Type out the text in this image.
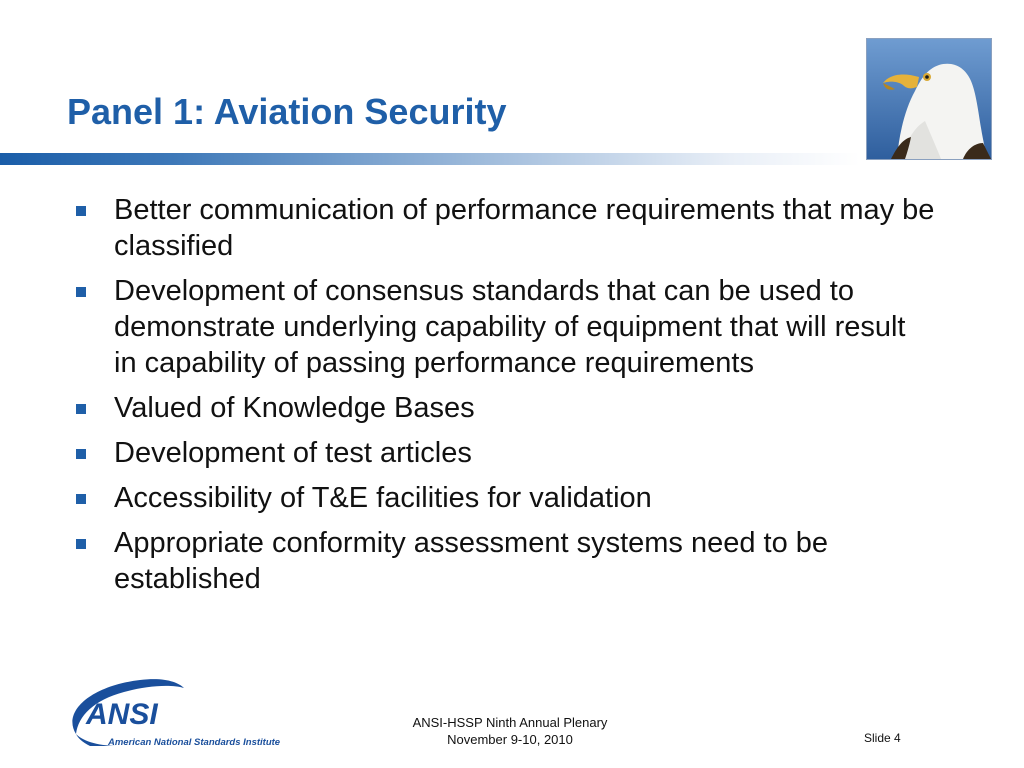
Panel 1: Aviation Security
Better communication of performance requirements that may be classified
Development of consensus standards that can be used to demonstrate underlying capability of equipment that will result in capability of passing performance requirements
Valued of Knowledge Bases
Development of test articles
Accessibility of T&E facilities for validation
Appropriate conformity assessment systems need to be established
ANSI
American National Standards Institute
ANSI-HSSP Ninth Annual Plenary
November 9-10, 2010	Slide 4
